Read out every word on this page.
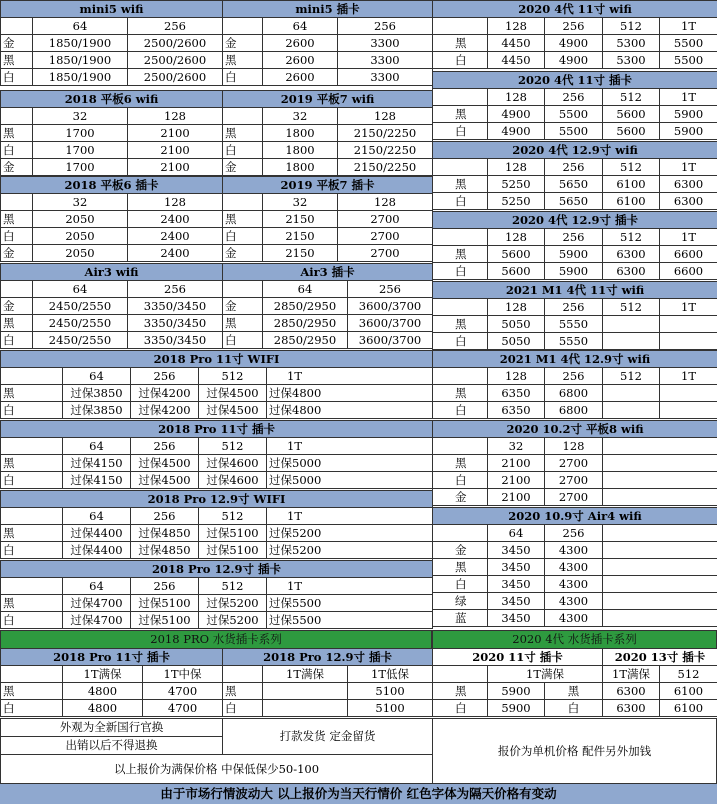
mini5 wifi		
	64	256
金	1850/1900	2500/2600
黑	1850/1900	2500/2600
白	1850/1900	2500/2600
mini5 插卡		
	64	256
金	2600	3300
黑	2600	3300
白	2600	3300
2018 平板6 wifi		
	32	128
黑	1700	2100
白	1700	2100
金	1700	2100
2019 平板7 wifi		
	32	128
黑	1800	2150/2250
白	1800	2150/2250
金	1800	2150/2250
2018 平板6 插卡		
	32	128
黑	2050	2400
白	2050	2400
金	2050	2400
2019 平板7 插卡		
	32	128
黑	2150	2700
白	2150	2700
金	2150	2700
Air3 wifi		
	64	256
金	2450/2550	3350/3450
黑	2450/2550	3350/3450
白	2450/2550	3350/3450
Air3 插卡		
	64	256
金	2850/2950	3600/3700
黑	2850/2950	3600/3700
白	2850/2950	3600/3700
2018 Pro 11寸 WIFI				
	64	256	512	1T
黑	过保3850	过保4200	过保4500	过保4800
白	过保3850	过保4200	过保4500	过保4800
2018 Pro 11寸 插卡				
	64	256	512	1T
黑	过保4150	过保4500	过保4600	过保5000
白	过保4150	过保4500	过保4600	过保5000
2018 Pro 12.9寸 WIFI				
	64	256	512	1T
黑	过保4400	过保4850	过保5100	过保5200
白	过保4400	过保4850	过保5100	过保5200
2018 Pro 12.9寸 插卡				
	64	256	512	1T
黑	过保4700	过保5100	过保5200	过保5500
白	过保4700	过保5100	过保5200	过保5500
2018 PRO 水货插卡系列
2018 Pro 11寸 插卡		
	1T满保	1T中保
黑	4800	4700
白	4800	4700
2018 Pro 12.9寸 插卡		
	1T满保	1T低保
黑		5100
白		5100
外观为全新国行官换	打款发货 定金留货
出销以后不得退换
以上报价为满保价格 中保低保少50-100
2020 4代 11寸 wifi				
	128	256	512	1T
黑	4450	4900	5300	5500
白	4450	4900	5300	5500
2020 4代 11寸 插卡				
	128	256	512	1T
黑	4900	5500	5600	5900
白	4900	5500	5600	5900
2020 4代 12.9寸 wifi				
	128	256	512	1T
黑	5250	5650	6100	6300
白	5250	5650	6100	6300
2020 4代 12.9寸 插卡				
	128	256	512	1T
黑	5600	5900	6300	6600
白	5600	5900	6300	6600
2021 M1 4代 11寸 wifi				
	128	256	512	1T
黑	5050	5550		
白	5050	5550		
2021 M1 4代 12.9寸 wifi				
	128	256	512	1T
黑	6350	6800		
白	6350	6800		
2020 10.2寸 平板8 wifi			
	32	128	
黑	2100	2700	
白	2100	2700	
金	2100	2700	
2020 10.9寸 Air4 wifi			
	64	256	
金	3450	4300	
黑	3450	4300	
白	3450	4300	
绿	3450	4300	
蓝	3450	4300	
2020 4代 水货插卡系列
2020 11寸 插卡			2020 13寸 插卡	
	1T满保		1T满保	512
黑	5900	黑	6300	6100
白	5900	白	6300	6100
报价为单机价格 配件另外加钱
由于市场行情波动大 以上报价为当天行情价 红色字体为隔天价格有变动
